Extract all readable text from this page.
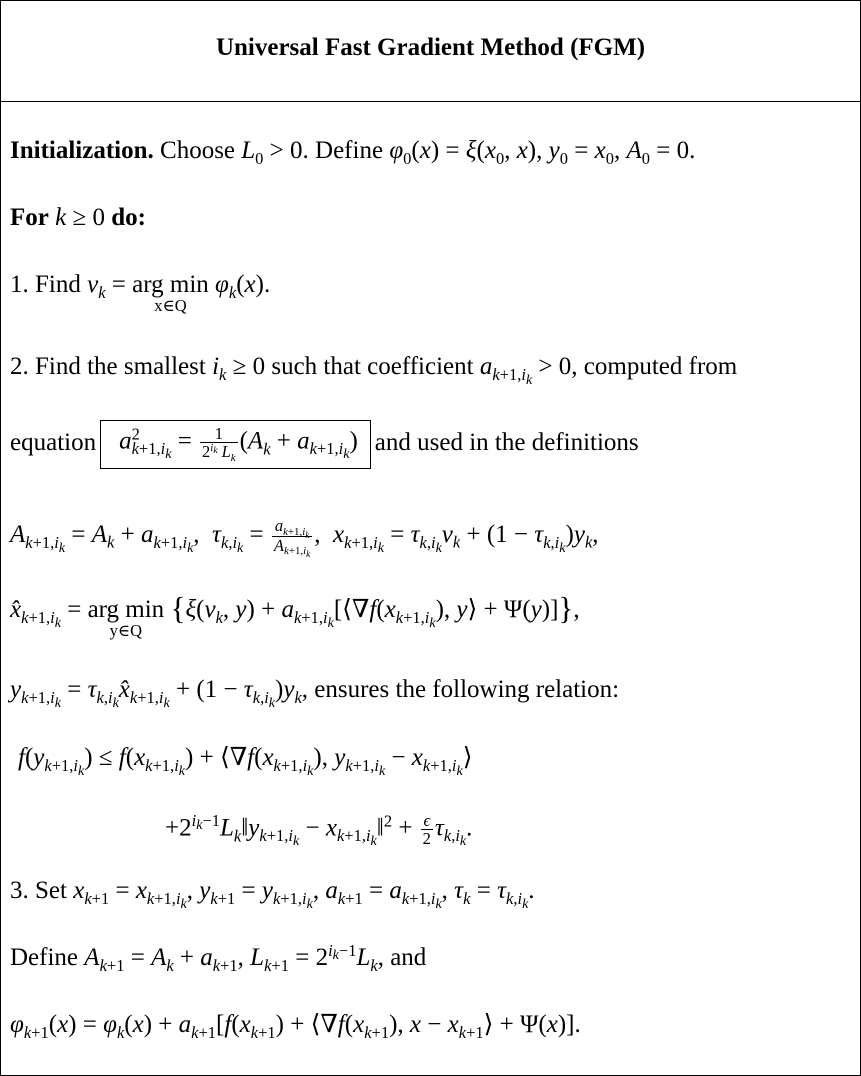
Universal Fast Gradient Method (FGM)
Initialization. Choose $L_0 > 0$. Define $\varphi_0(x) = \xi(x_0$, x), $y_0 = x_0$, $A_0 = 0$.
For k ≥ 0 do:
1. Find $v_k$ = arg min
x∈Q
$\varphi_k(x)$.
2. Find the smallest $i_k \ge 0$ such that coefficient $a_{k+1,i_k} > 0$, computed from
equation $a^2_{k+1,i_k} = \frac{1}{2^{i_k} L_k} (A_k + a_{k+1,i_k})and$ used in the definitions
$A_{k+1,i_k} = A_k + a_{k+1,i_k}$,  $\tau_{k,i_k} = \frac{a_{k+1,i_k}}{A_{k+1,i_k}}$ ,  $x_{k+1,i_k} = \tau_{k,i_k}v_k + (1 - \tau_{k,i_k})y_k$,
$x̂_{k+1,i_k}$ = arg min
y∈Q
{$\xi(v_k$, $y) + a_{k+1,i_k}[⟨\nabla f(x_{k+1,i_k})$, y⟩ + Ψ(y)]},
$y_{k+1,i_k}$ = $\tau_{k,i_k}x̂_{k+1,i_k} + (1 - \tau_{k,i_k})y_k$, ensures the following relation:
$f(y_{k+1,i_k}) \le f(x_{k+1,i_k})$ + $⟨\nabla f(x_{k+1,i_k})$, $y_{k+1,i_k}$ − $x_{k+1,i_k}⟩$
$+2^{i_k-1}L_k‖y_{k+1,i_k}$ − $x_{k+1,i_k}‖^2 + \frac{\epsilon}{2} \tau_{k,i_k}$.
3. Set $x_{k+1} = x_{k+1,i_k}$, $y_{k+1} = y_{k+1,i_k}$, $a_{k+1} = a_{k+1,i_k}$, $\tau_k = \tau_{k,i_k}$.
Define $A_{k+1} = A_k + a_{k+1}$, $L_{k+1} = 2^{i_k-1}L_k$, and
$\varphi_{k+1}(x) = \varphi_k(x) + a_{k+1}[f(x_{k+1})$ + $⟨\nabla f(x_{k+1})$, $x - x_{k+1}⟩ + \Psi(x)$].
